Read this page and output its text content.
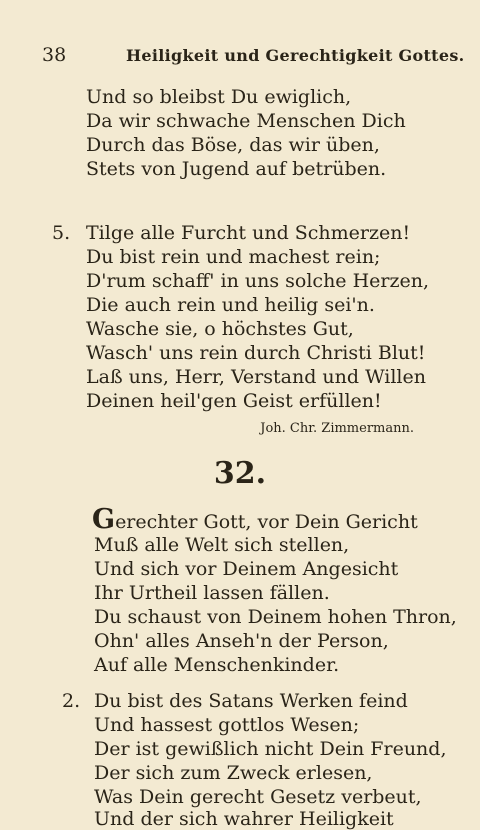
38	Heiligkeit und Gerechtigkeit Gottes.
Und so bleibst Du ewiglich,
Da wir schwache Menschen Dich
Durch das Böse, das wir üben,
Stets von Jugend auf betrüben.
5. Tilge alle Furcht und Schmerzen!
Du bist rein und machest rein;
D'rum schaff' in uns solche Herzen,
Die auch rein und heilig sei'n.
Wasche sie, o höchstes Gut,
Wasch' uns rein durch Christi Blut!
Laß uns, Herr, Verstand und Willen
Deinen heil'gen Geist erfüllen!
Joh. Chr. Zimmermann.
32.
Gerechter Gott, vor Dein Gericht
Muß alle Welt sich stellen,
Und sich vor Deinem Angesicht
Ihr Urtheil lassen fällen.
Du schaust von Deinem hohen Thron,
Ohn' alles Anseh'n der Person,
Auf alle Menschenkinder.
2. Du bist des Satans Werken feind
Und hassest gottlos Wesen;
Der ist gewißlich nicht Dein Freund,
Der sich zum Zweck erlesen,
Was Dein gerecht Gesetz verbeut,
Und der sich wahrer Heiligkeit
